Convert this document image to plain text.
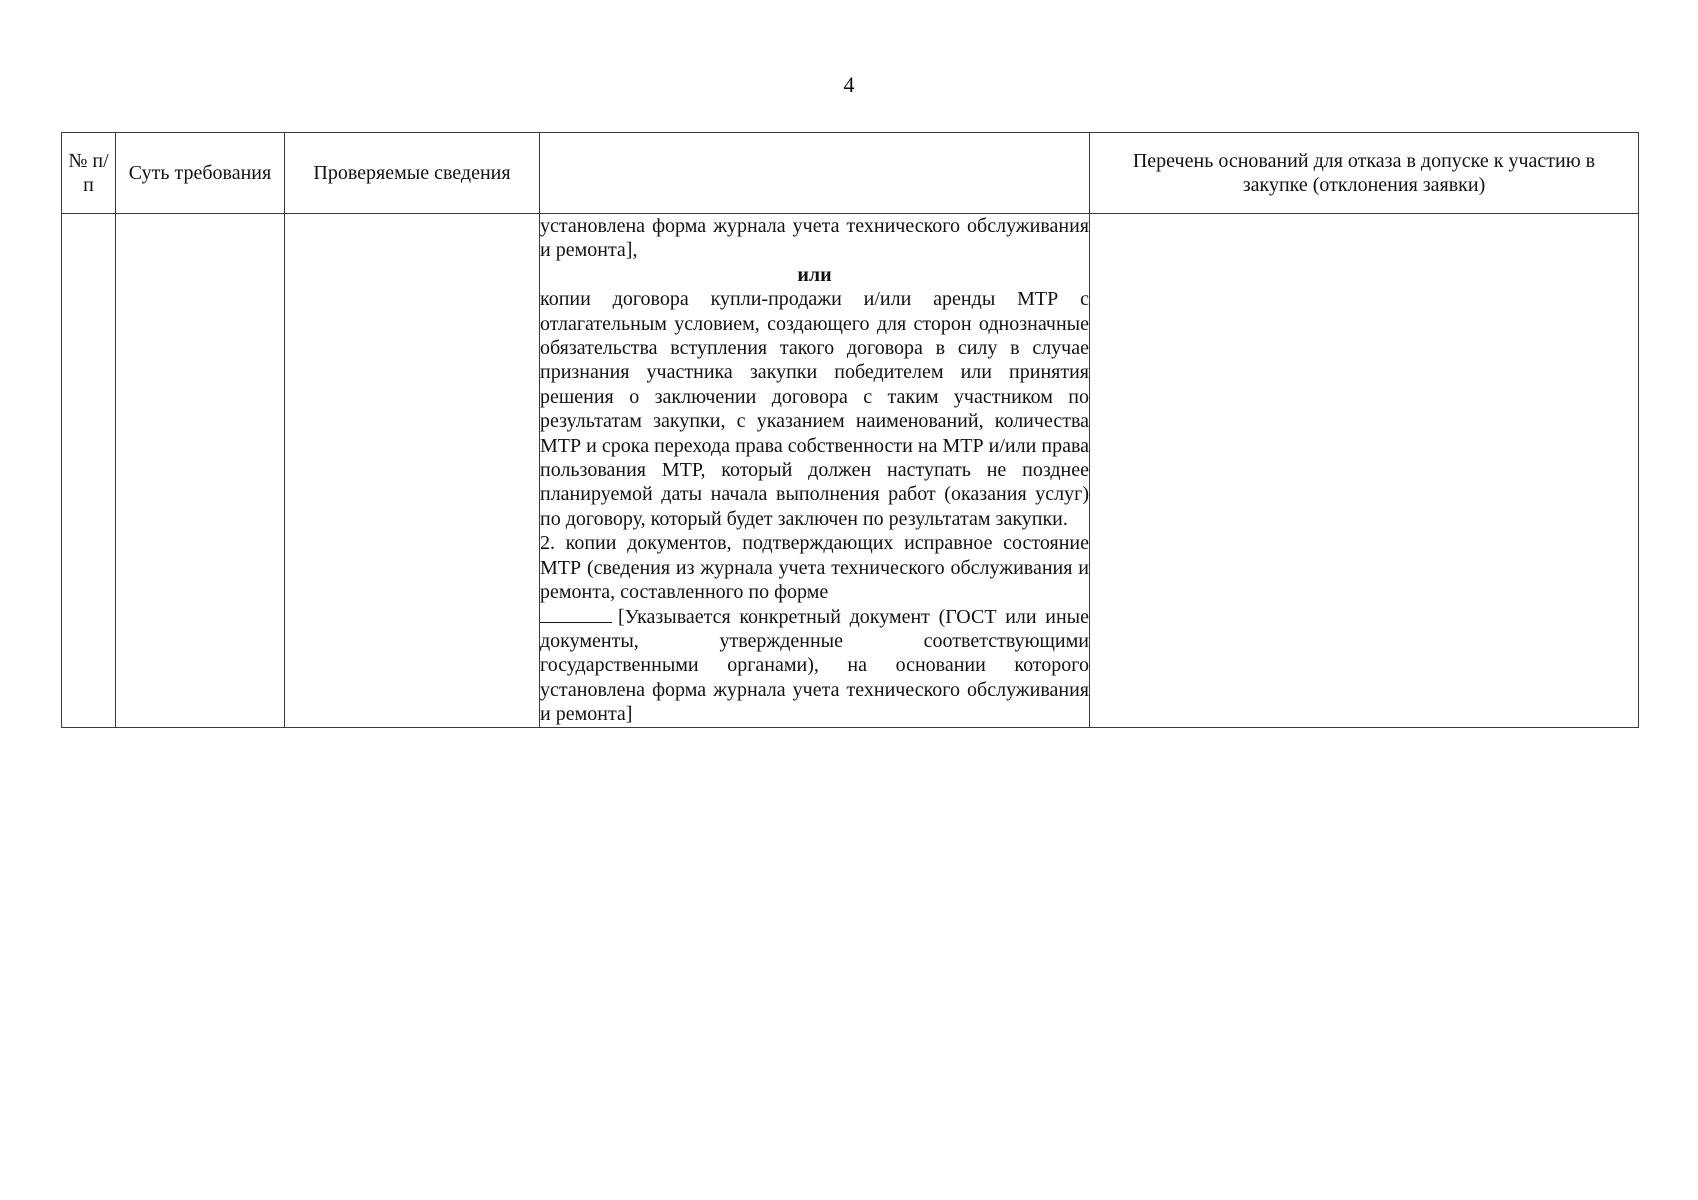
4
№ п/п	Суть требования	Проверяемые сведения		Перечень оснований для отказа в допуске к участию в закупке (отклонения заявки)

			установлена форма журнала учета технического обслуживания и ремонта],

или

копии договора купли-продажи и/или аренды МТР с отлагательным условием, создающего для сторон однозначные обязательства вступления такого договора в силу в случае признания участника закупки победителем или принятия решения о заключении договора с таким участником по результатам закупки, с указанием наименований, количества МТР и срока перехода права собственности на МТР и/или права пользования МТР, который должен наступать не позднее планируемой даты начала выполнения работ (оказания услуг) по договору, который будет заключен по результатам закупки.

2. копии документов, подтверждающих исправное состояние МТР (сведения из журнала учета технического обслуживания и ремонта, составленного по форме

[Указывается конкретный документ (ГОСТ или иные документы, утвержденные соответствующими государственными органами), на основании которого установлена форма журнала учета технического обслуживания и ремонта]	
